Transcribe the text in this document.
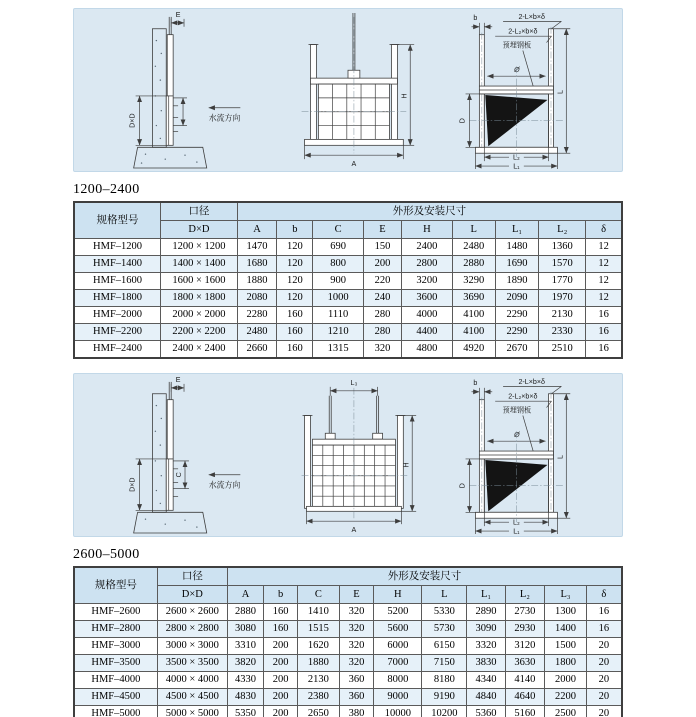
E
D×D	水流方向
H
A
b	2-L×b×δ
2-L₂×b×δ
预埋钢板
Ø
D
L
L₂
L₁
1200–2400
规格型号	口径	外形及安装尺寸								
	D×D	A	b	C	E	H	L	L₁	L₂	δ
HMF–1200	1200 × 1200	1470	120	690	150	2400	2480	1480	1360	12
HMF–1400	1400 × 1400	1680	120	800	200	2800	2880	1690	1570	12
HMF–1600	1600 × 1600	1880	120	900	220	3200	3290	1890	1770	12
HMF–1800	1800 × 1800	2080	120	1000	240	3600	3690	2090	1970	12
HMF–2000	2000 × 2000	2280	160	1110	280	4000	4100	2290	2130	16
HMF–2200	2200 × 2200	2480	160	1210	280	4400	4100	2290	2330	16
HMF–2400	2400 × 2400	2660	160	1315	320	4800	4920	2670	2510	16
E
D×D
C
水流方向
L₃
H
A
b	2-L×b×δ
2-L₂×b×δ
预埋钢板
Ø
D
L
L₂
L₁
2600–5000
规格型号	口径	外形及安装尺寸									
	D×D	A	b	C	E	H	L	L₁	L₂	L₃	δ
HMF–2600	2600 × 2600	2880	160	1410	320	5200	5330	2890	2730	1300	16
HMF–2800	2800 × 2800	3080	160	1515	320	5600	5730	3090	2930	1400	16
HMF–3000	3000 × 3000	3310	200	1620	320	6000	6150	3320	3120	1500	20
HMF–3500	3500 × 3500	3820	200	1880	320	7000	7150	3830	3630	1800	20
HMF–4000	4000 × 4000	4330	200	2130	360	8000	8180	4340	4140	2000	20
HMF–4500	4500 × 4500	4830	200	2380	360	9000	9190	4840	4640	2200	20
HMF–5000	5000 × 5000	5350	200	2650	380	10000	10200	5360	5160	2500	20
